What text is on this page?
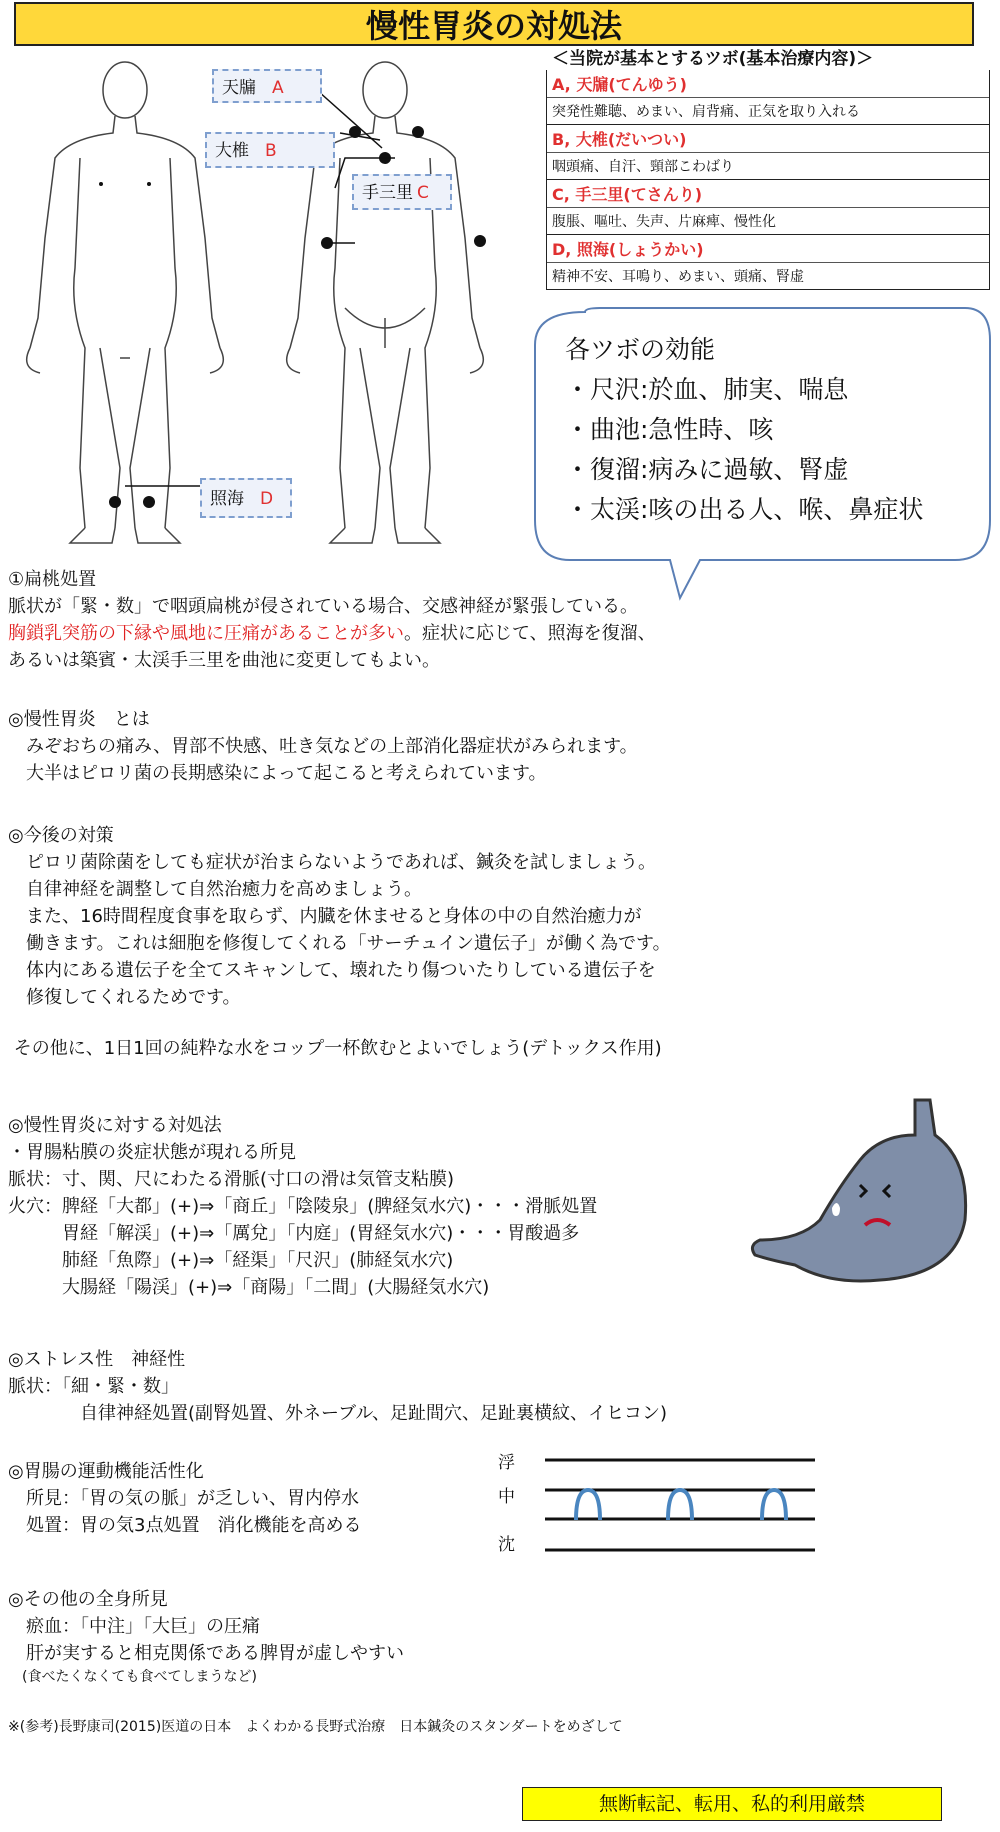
慢性胃炎の対処法
天牖 A
大椎 B
手三里 C
照海 D
＜当院が基本とするツボ(基本治療内容)＞
A, 天牖(てんゆう)
突発性難聴、めまい、肩背痛、正気を取り入れる
B, 大椎(だいつい)
咽頭痛、自汗、頸部こわばり
C, 手三里(てさんり)
腹脹、嘔吐、失声、片麻痺、慢性化
D, 照海(しょうかい)
精神不安、耳鳴り、めまい、頭痛、腎虚
各ツボの効能
・尺沢:於血、肺実、喘息
・曲池:急性時、咳
・復溜:病みに過敏、腎虚
・太渓:咳の出る人、喉、鼻症状
①扁桃処置
脈状が「緊・数」で咽頭扁桃が侵されている場合、交感神経が緊張している。
胸鎖乳突筋の下縁や風地に圧痛があることが多い。症状に応じて、照海を復溜、
あるいは築賓・太渓手三里を曲池に変更してもよい。
◎慢性胃炎　とは
　みぞおちの痛み、胃部不快感、吐き気などの上部消化器症状がみられます。
　大半はピロリ菌の長期感染によって起こると考えられています。
◎今後の対策
　ピロリ菌除菌をしても症状が治まらないようであれば、鍼灸を試しましょう。
　自律神経を調整して自然治癒力を高めましょう。
　また、16時間程度食事を取らず、内臓を休ませると身体の中の自然治癒力が
　働きます。これは細胞を修復してくれる「サーチュイン遺伝子」が働く為です。
　体内にある遺伝子を全てスキャンして、壊れたり傷ついたりしている遺伝子を
　修復してくれるためです。
その他に、1日1回の純粋な水をコップ一杯飲むとよいでしょう(デトックス作用)
◎慢性胃炎に対する対処法
・胃腸粘膜の炎症状態が現れる所見
脈状：寸、関、尺にわたる滑脈(寸口の滑は気管支粘膜)
火穴：脾経「大都」(+)⇒「商丘」「陰陵泉」(脾経気水穴)・・・滑脈処置
　　　胃経「解渓」(+)⇒「厲兌」「内庭」(胃経気水穴)・・・胃酸過多
　　　肺経「魚際」(+)⇒「経渠」「尺沢」(肺経気水穴)
　　　大腸経「陽渓」(+)⇒「商陽」「二間」(大腸経気水穴)
◎ストレス性　神経性
脈状：「細・緊・数」
　　　　自律神経処置(副腎処置、外ネーブル、足趾間穴、足趾裏横紋、イヒコン)
◎胃腸の運動機能活性化
　所見：「胃の気の脈」が乏しい、胃内停水
　処置：胃の気3点処置　消化機能を高める
浮
中
沈
◎その他の全身所見
　瘀血：「中注」「大巨」の圧痛
　肝が実すると相克関係である脾胃が虚しやすい
　(食べたくなくても食べてしまうなど)
※(参考)長野康司(2015)医道の日本　よくわかる長野式治療　日本鍼灸のスタンダートをめざして
無断転記、転用、私的利用厳禁
